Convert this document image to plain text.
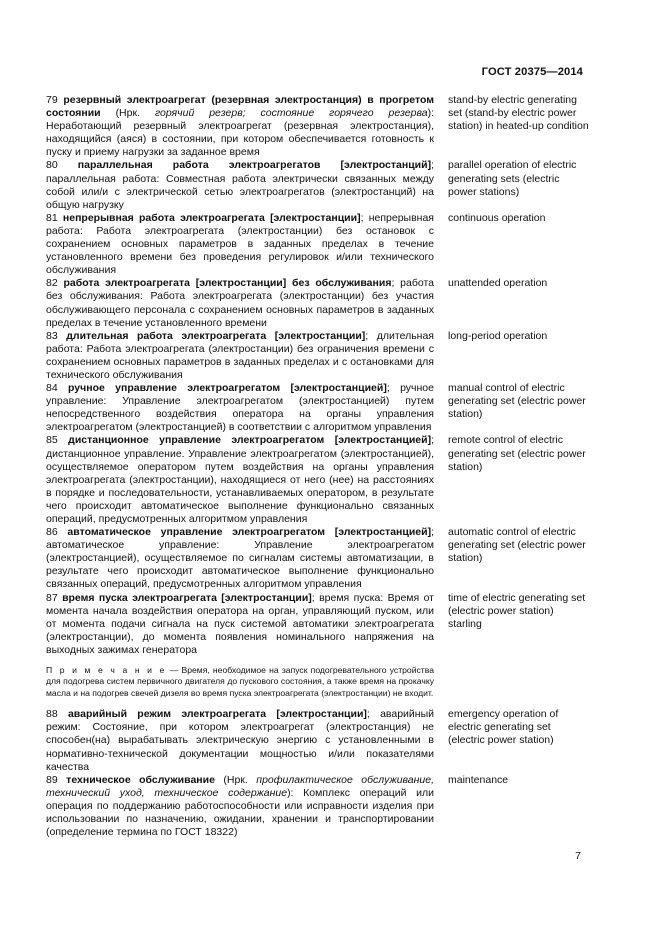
ГОСТ 20375—2014
79 резервный электроагрегат (резервная электростанция) в прогретом состоянии (Нрк. горячий резерв; состояние горячего резерва): Неработающий резервный электроагрегат (резервная электростанция), находящийся (аяся) в состоянии, при котором обеспечивается готовность к пуску и приему нагрузки за заданное время
stand-by electric generating set (stand-by electric power station) in heated-up condition
80 параллельная работа электроагрегатов [электростанций]; параллельная работа: Совместная работа электрически связанных между собой или/и с электрической сетью электроагрегатов (электростанций) на общую нагрузку
parallel operation of electric generating sets (electric power stations)
81 непрерывная работа электроагрегата [электростанции]; непрерывная работа: Работа электроагрегата (электростанции) без остановок с сохранением основных параметров в заданных пределах в течение установленного времени без проведения регулировок и/или технического обслуживания
continuous operation
82 работа электроагрегата [электростанции] без обслуживания; работа без обслуживания: Работа электроагрегата (электростанции) без участия обслуживающего персонала с сохранением основных параметров в заданных пределах в течение установленного времени
unattended operation
83 длительная работа электроагрегата [электростанции]; длительная работа: Работа электроагрегата (электростанции) без ограничения времени с сохранением основных параметров в заданных пределах и с остановками для технического обслуживания
long-period operation
84 ручное управление электроагрегатом [электростанцией]; ручное управление: Управление электроагрегатом (электростанцией) путем непосредственного воздействия оператора на органы управления электроагрегатом (электростанцией) в соответствии с алгоритмом управления
manual control of electric generating set (electric power station)
85 дистанционное управление электроагрегатом [электростанцией]; дистанционное управление. Управление электроагрегатом (электростанцией), осуществляемое оператором путем воздействия на органы управления электроагрегата (электростанции), находящиеся от него (нее) на расстояниях в порядке и последовательности, устанавливаемых оператором, в результате чего происходит автоматическое выполнение функционально связанных операций, предусмотренных алгоритмом управления
remote control of electric generating set (electric power station)
86 автоматическое управление электроагрегатом [электростанцией]; автоматическое управление: Управление электроагрегатом (электростанцией), осуществляемое по сигналам системы автоматизации, в результате чего происходит автоматическое выполнение функционально связанных операций, предусмотренных алгоритмом управления
automatic control of electric generating set (electric power station)
87 время пуска электроагрегата [электростанции]; время пуска: Время от момента начала воздействия оператора на орган, управляющий пуском, или от момента подачи сигнала на пуск системой автоматики электроагрегата (электростанции), до момента появления номинального напряжения на выходных зажимах генератора
time of electric generating set (electric power station) starling
П р и м е ч а н и е — Время, необходимое на запуск подогревательного устройства для подогрева систем первичного двигателя до пускового состояния, а также время на прокачку масла и на подогрев свечей дизеля во время пуска электроагрегата (электростанции) не входит.
88 аварийный режим электроагрегата [электростанции]; аварийный режим: Состояние, при котором электроагрегат (электростанция) не способен(на) вырабатывать электрическую энергию с установленными в нормативно-технической документации мощностью и/или показателями качества
emergency operation of electric generating set (electric power station)
89 техническое обслуживание (Нрк. профилактическое обслуживание, технический уход, техническое содержание): Комплекс операций или операция по поддержанию работоспособности или исправности изделия при использовании по назначению, ожидании, хранении и транспортировании (определение термина по ГОСТ 18322)
maintenance
7
